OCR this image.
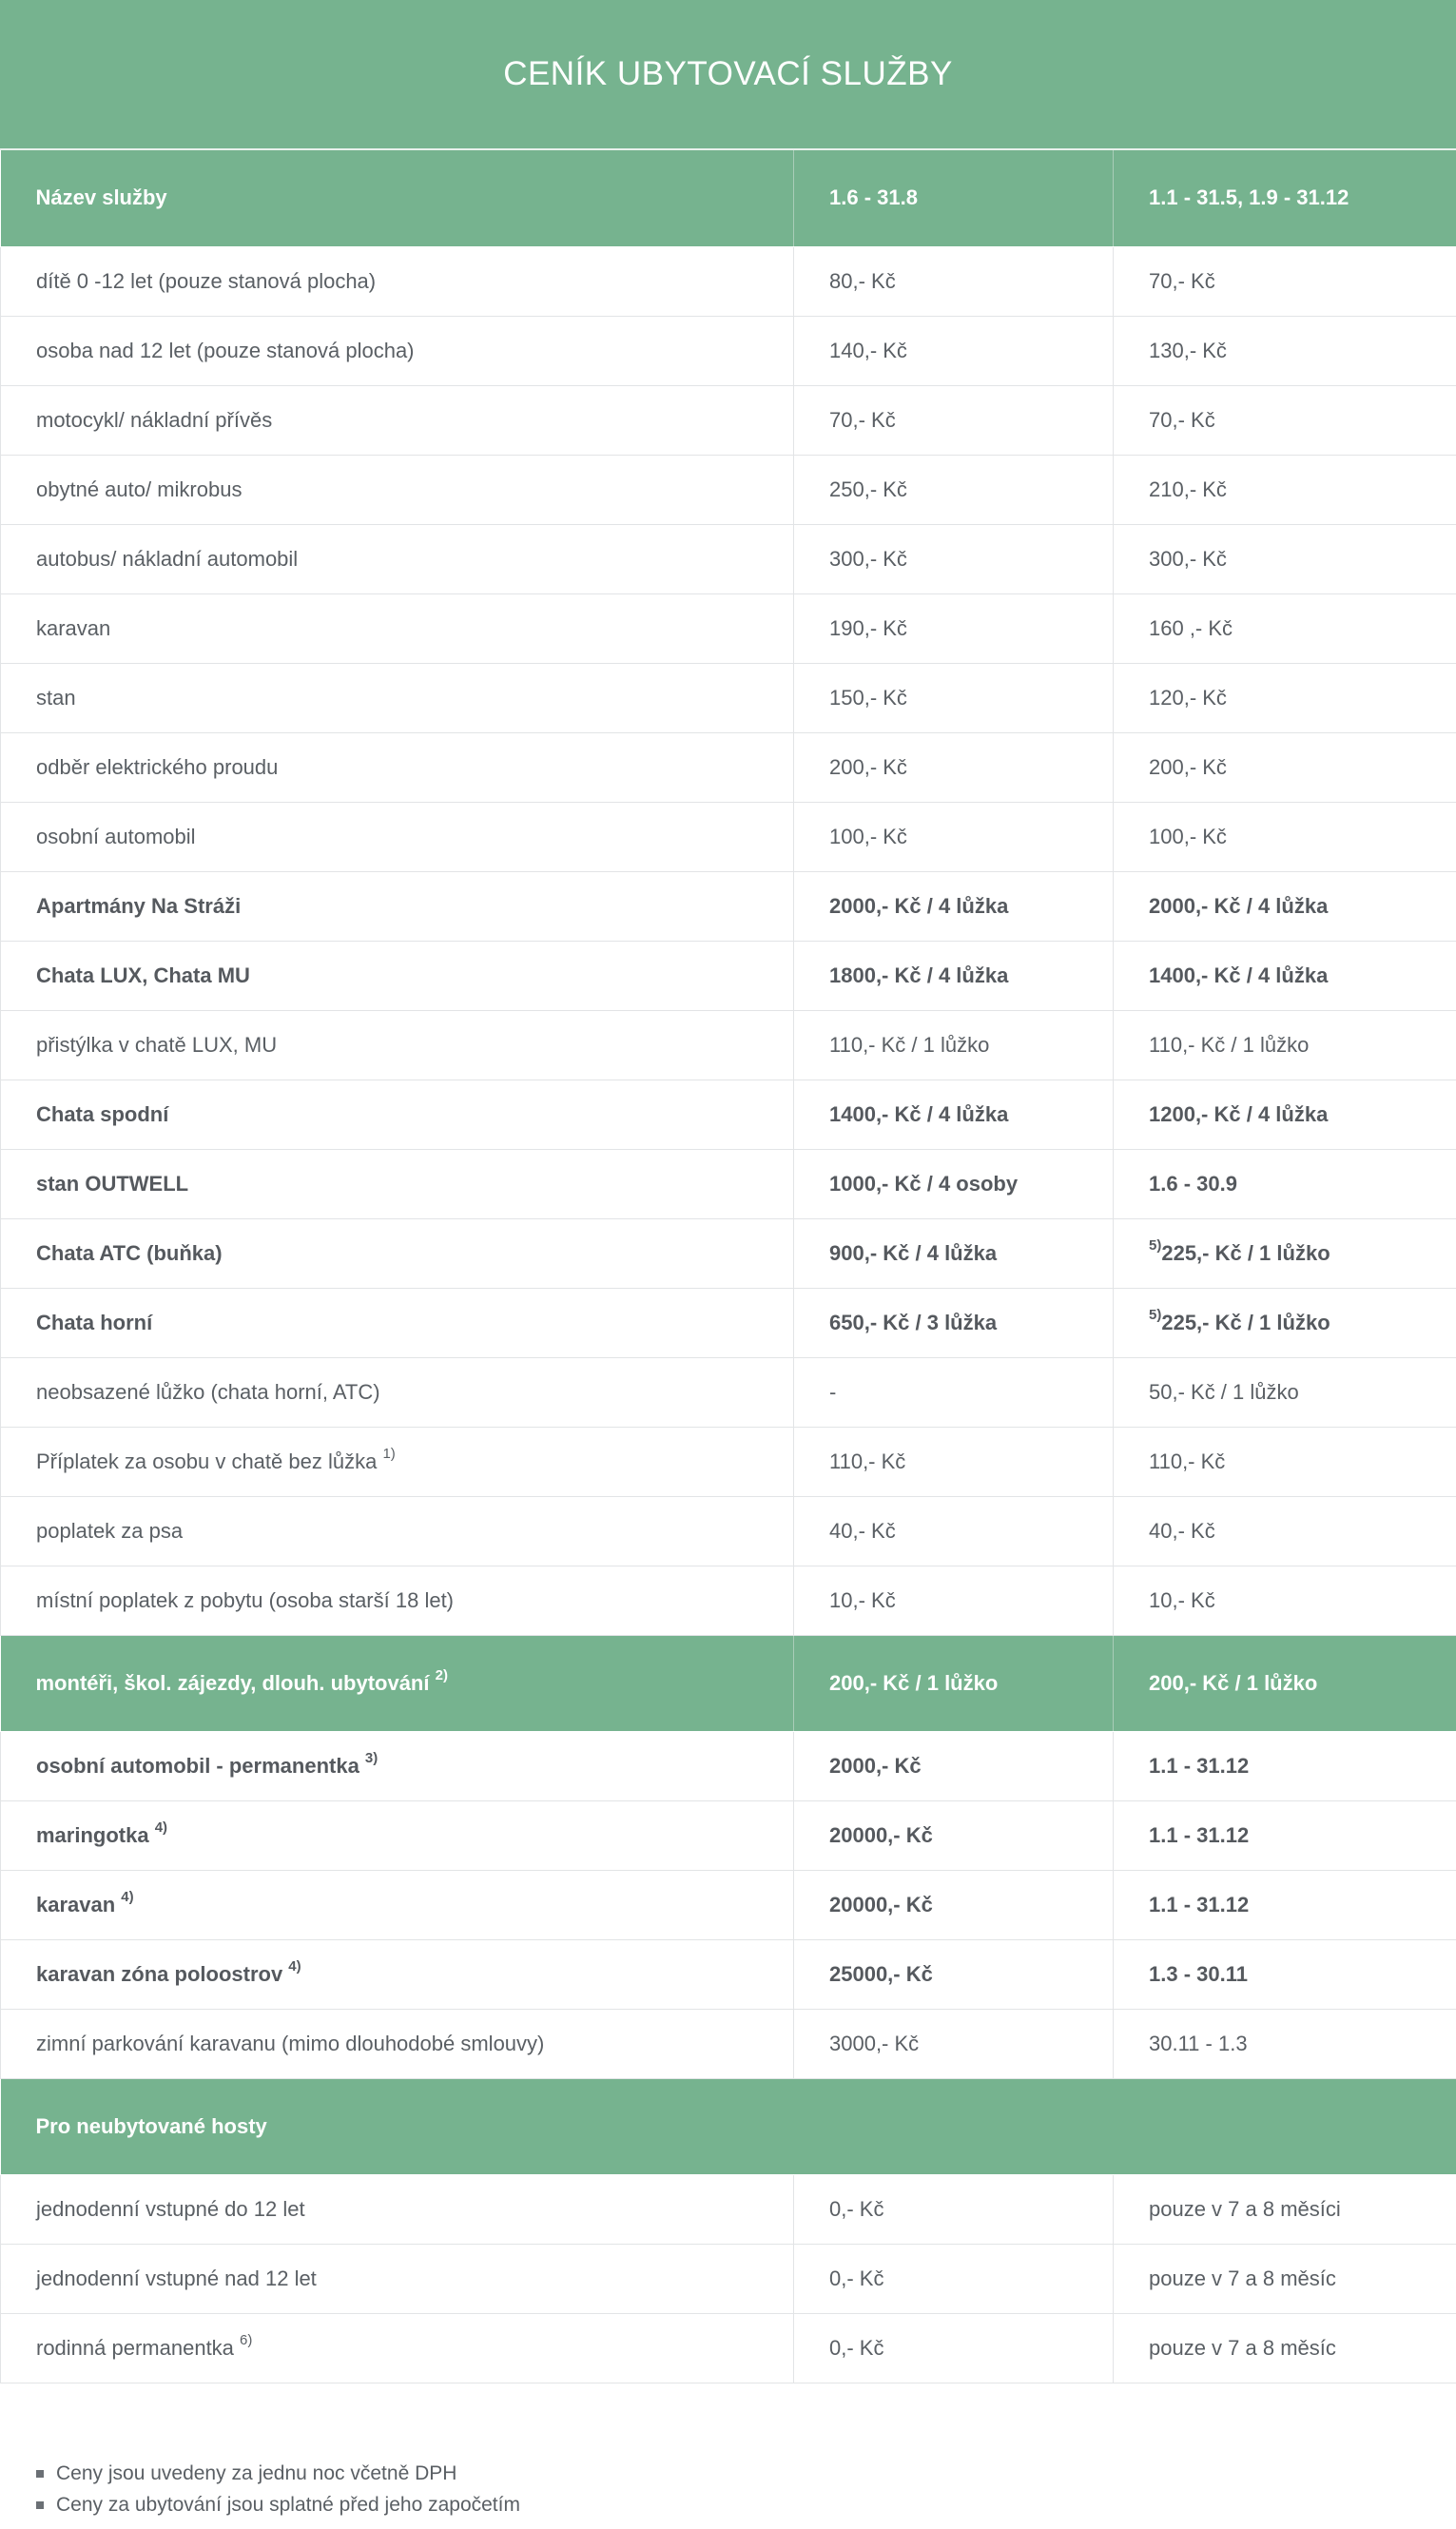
CENÍK UBYTOVACÍ SLUŽBY
Název služby	1.6 - 31.8	1.1 - 31.5, 1.9 - 31.12
dítě 0 -12 let (pouze stanová plocha)	80,- Kč	70,- Kč
osoba nad 12 let (pouze stanová plocha)	140,- Kč	130,- Kč
motocykl/ nákladní přívěs	70,- Kč	70,- Kč
obytné auto/ mikrobus	250,- Kč	210,- Kč
autobus/ nákladní automobil	300,- Kč	300,- Kč
karavan	190,- Kč	160 ,- Kč
stan	150,- Kč	120,- Kč
odběr elektrického proudu	200,- Kč	200,- Kč
osobní automobil	100,- Kč	100,- Kč
Apartmány Na Stráži	2000,- Kč / 4 lůžka	2000,- Kč / 4 lůžka
Chata LUX, Chata MU	1800,- Kč / 4 lůžka	1400,- Kč / 4 lůžka
přistýlka v chatě LUX, MU	110,- Kč / 1 lůžko	110,- Kč / 1 lůžko
Chata spodní	1400,- Kč / 4 lůžka	1200,- Kč / 4 lůžka
stan OUTWELL	1000,- Kč / 4 osoby	1.6 - 30.9
Chata ATC (buňka)	900,- Kč / 4 lůžka	$^{5)}$225,- Kč / 1 lůžko
Chata horní	650,- Kč / 3 lůžka	$^{5)}$225,- Kč / 1 lůžko
neobsazené lůžko (chata horní, ATC)	-	50,- Kč / 1 lůžko
Příplatek za osobu v chatě bez lůžka $^{1)}$	110,- Kč	110,- Kč
poplatek za psa	40,- Kč	40,- Kč
místní poplatek z pobytu (osoba starší 18 let)	10,- Kč	10,- Kč
montéři, škol. zájezdy, dlouh. ubytování $^{2)}$	200,- Kč / 1 lůžko	200,- Kč / 1 lůžko
osobní automobil - permanentka $^{3)}$	2000,- Kč	1.1 - 31.12
maringotka $^{4)}$	20000,- Kč	1.1 - 31.12
karavan $^{4)}$	20000,- Kč	1.1 - 31.12
karavan zóna poloostrov $^{4)}$	25000,- Kč	1.3 - 30.11
zimní parkování karavanu (mimo dlouhodobé smlouvy)	3000,- Kč	30.11 - 1.3
Pro neubytované hosty		
jednodenní vstupné do 12 let	0,- Kč	pouze v 7 a 8 měsíci
jednodenní vstupné nad 12 let	0,- Kč	pouze v 7 a 8 měsíc
rodinná permanentka $^{6)}$	0,- Kč	pouze v 7 a 8 měsíc
Ceny jsou uvedeny za jednu noc včetně DPH
Ceny za ubytování jsou splatné před jeho započetím
